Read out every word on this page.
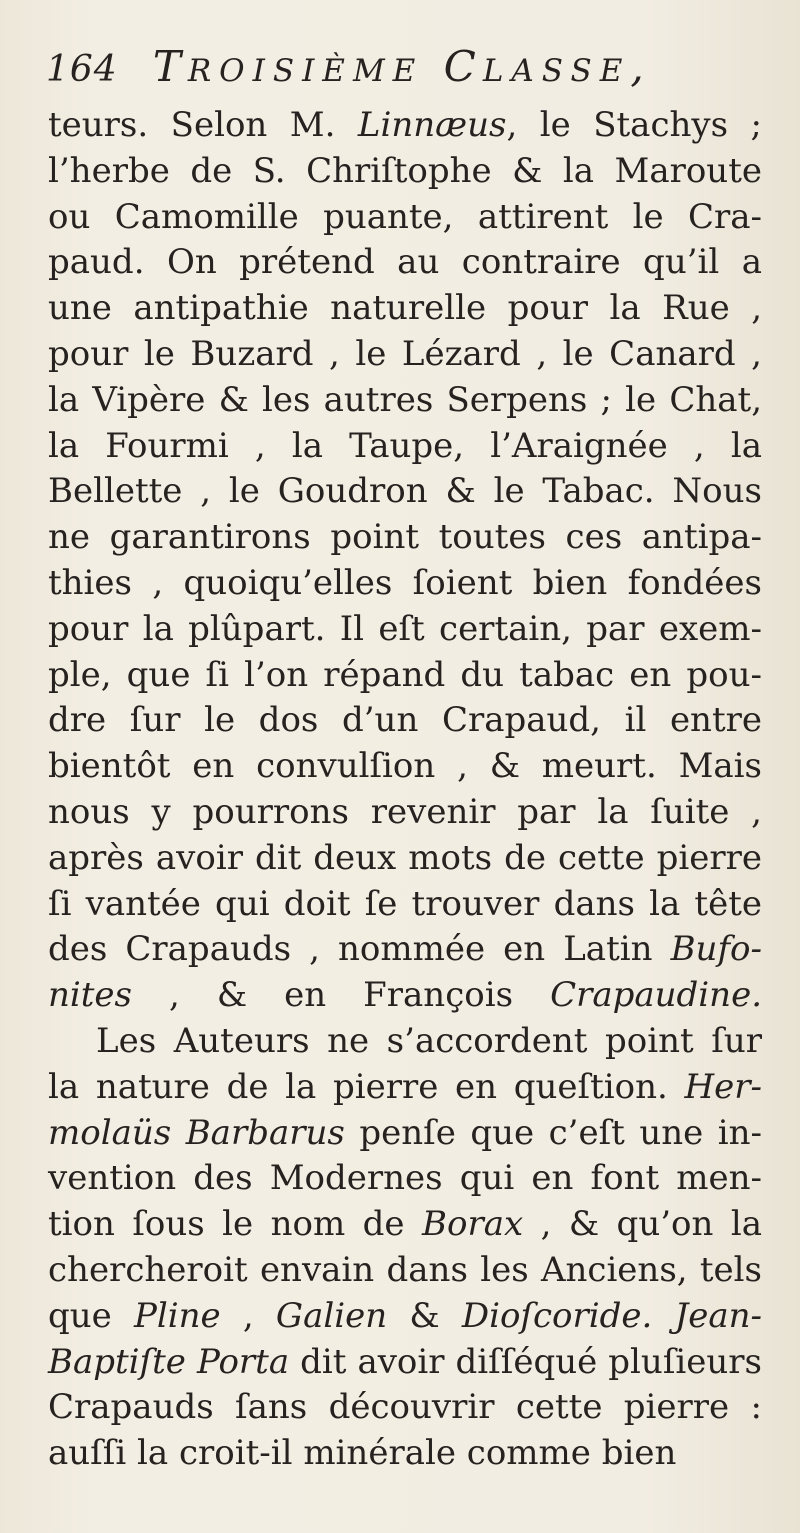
164 TROISIÈME CLASSE,
teurs. Selon M. Linnæus, le Stachys ;
l’herbe de S. Chriſtophe & la Maroute
ou Camomille puante, attirent le Cra-
paud. On prétend au contraire qu’il a
une antipathie naturelle pour la Rue ,
pour le Buzard , le Lézard , le Canard ,
la Vipère & les autres Serpens ; le Chat,
la Fourmi , la Taupe, l’Araignée , la
Bellette , le Goudron & le Tabac. Nous
ne garantirons point toutes ces antipa-
thies , quoiqu’elles ſoient bien fondées
pour la plûpart. Il eſt certain, par exem-
ple, que ſi l’on répand du tabac en pou-
dre ſur le dos d’un Crapaud, il entre
bientôt en convulſion , & meurt. Mais
nous y pourrons revenir par la ſuite ,
après avoir dit deux mots de cette pierre
ſi vantée qui doit ſe trouver dans la tête
des Crapauds , nommée en Latin Bufo-
nites , & en François Crapaudine.
Les Auteurs ne s’accordent point ſur
la nature de la pierre en queſtion. Her-
molaüs Barbarus penſe que c’eſt une in-
vention des Modernes qui en font men-
tion ſous le nom de Borax , & qu’on la
chercheroit envain dans les Anciens, tels
que Pline , Galien & Dioſcoride. Jean-
Baptiſte Porta dit avoir diſſéqué pluſieurs
Crapauds ſans découvrir cette pierre :
auſſi la croit-il minérale comme bien
